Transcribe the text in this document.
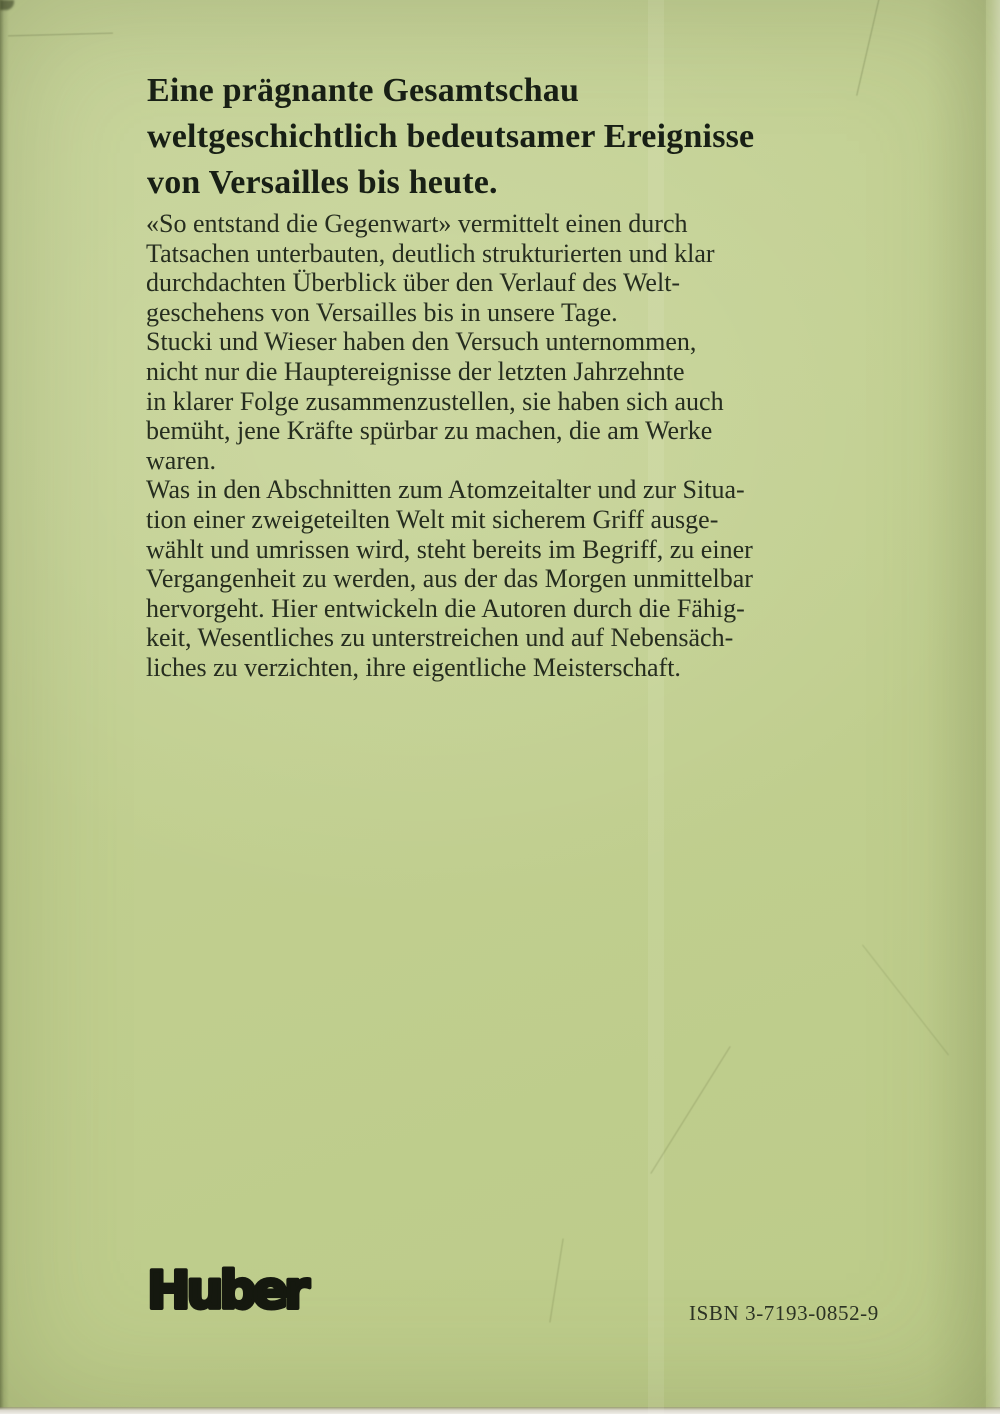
Eine prägnante Gesamtschau
weltgeschichtlich bedeutsamer Ereignisse
von Versailles bis heute.
«So entstand die Gegenwart» vermittelt einen durch
Tatsachen unterbauten, deutlich strukturierten und klar
durchdachten Überblick über den Verlauf des Welt-
geschehens von Versailles bis in unsere Tage.
Stucki und Wieser haben den Versuch unternommen,
nicht nur die Hauptereignisse der letzten Jahrzehnte
in klarer Folge zusammenzustellen, sie haben sich auch
bemüht, jene Kräfte spürbar zu machen, die am Werke
waren.
Was in den Abschnitten zum Atomzeitalter und zur Situa-
tion einer zweigeteilten Welt mit sicherem Griff ausge-
wählt und umrissen wird, steht bereits im Begriff, zu einer
Vergangenheit zu werden, aus der das Morgen unmittelbar
hervorgeht. Hier entwickeln die Autoren durch die Fähig-
keit, Wesentliches zu unterstreichen und auf Nebensäch-
liches zu verzichten, ihre eigentliche Meisterschaft.
Huber	ISBN 3-7193-0852-9
